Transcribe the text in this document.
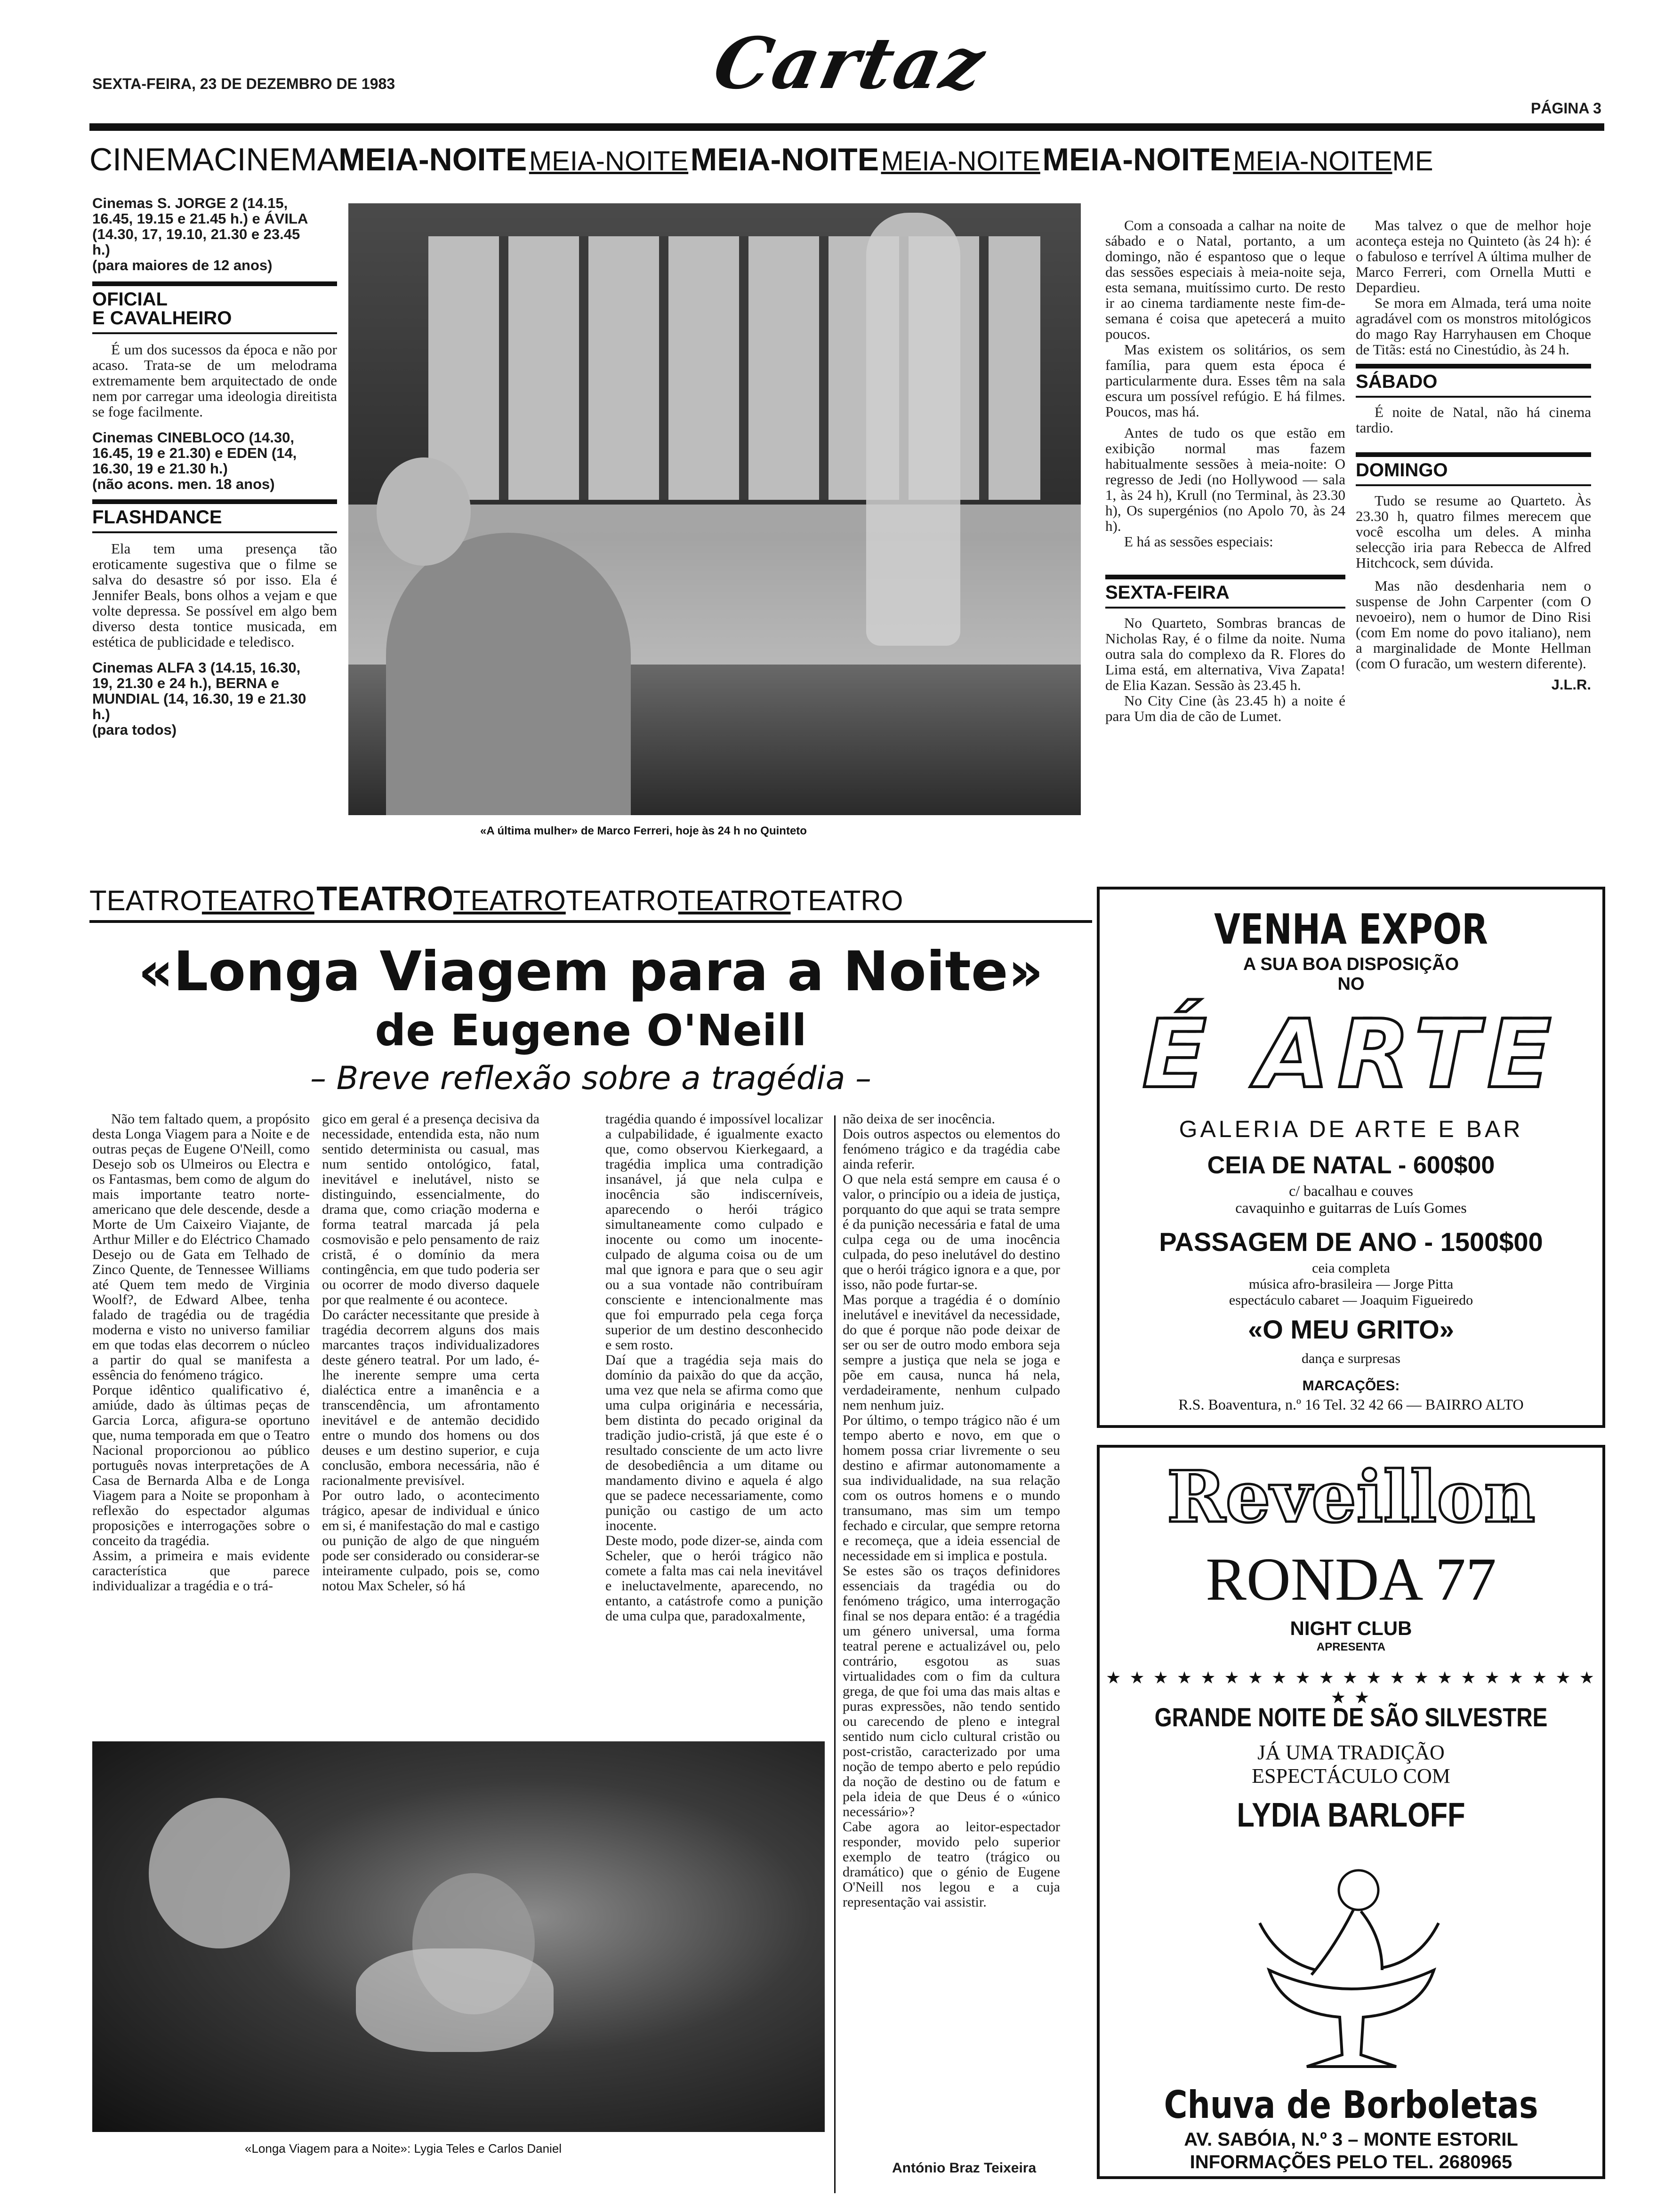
SEXTA-FEIRA, 23 DE DEZEMBRO DE 1983	Cartaz
PÁGINA 3
CINEMACINEMAMEIA-NOITE MEIA-NOITE MEIA-NOITE MEIA-NOITE MEIA-NOITE MEIA-NOITEME
Cinemas S. JORGE 2 (14.15,
16.45, 19.15 e 21.45 h.) e ÁVILA
(14.30, 17, 19.10, 21.30 e 23.45
h.)
(para maiores de 12 anos)
OFICIAL
E CAVALHEIRO
É um dos sucessos da época e não por acaso. Trata-se de um melodrama extremamente bem arquitectado de onde nem por carregar uma ideologia direitista se foge facilmente.
Cinemas CINEBLOCO (14.30,
16.45, 19 e 21.30) e EDEN (14,
16.30, 19 e 21.30 h.)
(não acons. men. 18 anos)
FLASHDANCE
Ela tem uma presença tão eroticamente sugestiva que o filme se salva do desastre só por isso. Ela é Jennifer Beals, bons olhos a vejam e que volte depressa. Se possível em algo bem diverso desta tontice musicada, em estética de publicidade e telediscо.
Cinemas ALFA 3 (14.15, 16.30,
19, 21.30 e 24 h.), BERNA e
MUNDIAL (14, 16.30, 19 e 21.30
h.)
(para todos)
«A última mulher» de Marco Ferreri, hoje às 24 h no Quinteto
Com a consoada a calhar na noite de sábado e o Natal, portanto, a um domingo, não é espantoso que o leque das sessões especiais à meia-noite seja, esta semana, muitíssimo curto. De resto ir ao cinema tardiamente neste fim-de-semana é coisa que apetecerá a muito poucos.
Mas existem os solitários, os sem família, para quem esta época é particularmente dura. Esses têm na sala escura um possível refúgio. E há filmes. Poucos, mas há.
Antes de tudo os que estão em exibição normal mas fazem habitualmente sessões à meia-noite: O regresso de Jedi (no Hollywood — sala 1, às 24 h), Krull (no Terminal, às 23.30 h), Os supergénios (no Apolo 70, às 24 h).
E há as sessões especiais:
SEXTA-FEIRA
No Quarteto, Sombras brancas de Nicholas Ray, é o filme da noite. Numa outra sala do complexo da R. Flores do Lima está, em alternativa, Viva Zapata! de Elia Kazan. Sessão às 23.45 h.
No City Cine (às 23.45 h) a noite é para Um dia de cão de Lumet.
Mas talvez o que de melhor hoje aconteça esteja no Quinteto (às 24 h): é o fabuloso e terrível A última mulher de Marco Ferreri, com Ornella Mutti e Depardieu.
Se mora em Almada, terá uma noite agradável com os monstros mitológicos do mago Ray Harryhausen em Choque de Titãs: está no Cinestúdio, às 24 h.
SÁBADO
É noite de Natal, não há cinema tardio.
DOMINGO
Tudo se resume ao Quarteto. Às 23.30 h, quatro filmes merecem que você escolha um deles. A minha selecção iria para Rebecca de Alfred Hitchcock, sem dúvida.
Mas não desdenharia nem o suspense de John Carpenter (com O nevoeiro), nem o humor de Dino Risi (com Em nome do povo italiano), nem a marginalidade de Monte Hellman (com O furacão, um western diferente).
J.L.R.
TEATROTEATRO TEATROTEATROTEATROTEATROTEATRO
«Longa Viagem para a Noite»
de Eugene O'Neill
– Breve reflexão sobre a tragédia –
Não tem faltado quem, a propósito desta Longa Viagem para a Noite e de outras peças de Eugene O'Neill, como Desejo sob os Ulmeiros ou Electra e os Fantasmas, bem como de algum do mais importante teatro norte-americano que dele descende, desde a Morte de Um Caixeiro Viajante, de Arthur Miller e do Eléctrico Chamado Desejo ou de Gata em Telhado de Zinco Quente, de Tennessee Williams até Quem tem medo de Virginia Woolf?, de Edward Albee, tenha falado de tragédia ou de tragédia moderna e visto no universo familiar em que todas elas decorrem o núcleo a partir do qual se manifesta a essência do fenómeno trágico.
Porque idêntico qualificativo é, amiúde, dado às últimas peças de Garcia Lorca, afigura-se oportuno que, numa temporada em que o Teatro Nacional proporcionou ao público português novas interpretações de A Casa de Bernarda Alba e de Longa Viagem para a Noite se proponham à reflexão do espectador algumas proposições e interrogações sobre o conceito da tragédia.
Assim, a primeira e mais evidente característica que parece individualizar a tragédia e o trá-
gico em geral é a presença decisiva da necessidade, entendida esta, não num sentido determinista ou casual, mas num sentido ontológico, fatal, inevitável e inelutável, nisto se distinguindo, essencialmente, do drama que, como criação moderna e forma teatral marcada já pela cosmovisão e pelo pensamento de raiz cristã, é o domínio da mera contingência, em que tudo poderia ser ou ocorrer de modo diverso daquele por que realmente é ou acontece.
Do carácter necessitante que preside à tragédia decorrem alguns dos mais marcantes traços individualizadores deste género teatral. Por um lado, é-lhe inerente sempre uma certa dialéctica entre a imanência e a transcendência, um afrontamento inevitável e de antemão decidido entre o mundo dos homens ou dos deuses e um destino superior, e cuja conclusão, embora necessária, não é racionalmente previsível.
Por outro lado, o acontecimento trágico, apesar de individual e único em si, é manifestação do mal e castigo ou punição de algo de que ninguém pode ser considerado ou considerar-se inteiramente culpado, pois se, como notou Max Scheler, só há
tragédia quando é impossível localizar a culpabilidade, é igualmente exacto que, como observou Kierkegaard, a tragédia implica uma contradição insanável, já que nela culpa e inocência são indiscerníveis, aparecendo o herói trágico simultaneamente como culpado e inocente ou como um inocente-culpado de alguma coisa ou de um mal que ignora e para que o seu agir ou a sua vontade não contribuíram consciente e intencionalmente mas que foi empurrado pela cega força superior de um destino desconhecido e sem rosto.
Daí que a tragédia seja mais do domínio da paixão do que da acção, uma vez que nela se afirma como que uma culpa originária e necessária, bem distinta do pecado original da tradição judio-cristã, já que este é o resultado consciente de um acto livre de desobediência a um ditame ou mandamento divino e aquela é algo que se padece necessariamente, como punição ou castigo de um acto inocente.
Deste modo, pode dizer-se, ainda com Scheler, que o herói trágico não comete a falta mas cai nela inevitável e ineluctavelmente, aparecendo, no entanto, a catástrofe como a punição de uma culpa que, paradoxalmente,
não deixa de ser inocência.
Dois outros aspectos ou elementos do fenómeno trágico e da tragédia cabe ainda referir.
O que nela está sempre em causa é o valor, o princípio ou a ideia de justiça, porquanto do que aqui se trata sempre é da punição necessária e fatal de uma culpa cega ou de uma inocência culpada, do peso inelutável do destino que o herói trágico ignora e a que, por isso, não pode furtar-se.
Mas porque a tragédia é o domínio inelutável e inevitável da necessidade, do que é porque não pode deixar de ser ou ser de outro modo embora seja sempre a justiça que nela se joga e põe em causa, nunca há nela, verdadeiramente, nenhum culpado nem nenhum juiz.
Por último, o tempo trágico não é um tempo aberto e novo, em que o homem possa criar livremente o seu destino e afirmar autonomamente a sua individualidade, na sua relação com os outros homens e o mundo transumano, mas sim um tempo fechado e circular, que sempre retorna e recomeça, que a ideia essencial de necessidade em si implica e postula.
Se estes são os traços definidores essenciais da tragédia ou do fenómeno trágico, uma interrogação final se nos depara então: é a tragédia um género universal, uma forma teatral perene e actualizável ou, pelo contrário, esgotou as suas virtualidades com o fim da cultura grega, de que foi uma das mais altas e puras expressões, não tendo sentido ou carecendo de pleno e integral sentido num ciclo cultural cristão ou post-cristão, caracterizado por uma noção de tempo aberto e pelo repúdio da noção de destino ou de fatum e pela ideia de que Deus é o «único necessário»?
Cabe agora ao leitor-espectador responder, movido pelo superior exemplo de teatro (trágico ou dramático) que o génio de Eugene O'Neill nos legou e a cuja representação vai assistir.
António Braz Teixeira
«Longa Viagem para a Noite»: Lygia Teles e Carlos Daniel
VENHA EXPOR
A SUA BOA DISPOSIÇÃO
NO
É ARTE
GALERIA DE ARTE E BAR
CEIA DE NATAL - 600$00
c/ bacalhau e couves
cavaquinho e guitarras de Luís Gomes
PASSAGEM DE ANO - 1500$00
ceia completa
música afro-brasileira — Jorge Pitta
espectáculo cabaret — Joaquim Figueiredo
«O MEU GRITO»
dança e surpresas
MARCAÇÕES:
R.S. Boaventura, n.º 16 Tel. 32 42 66 — BAIRRO ALTO
Reveillon
RONDA 77
NIGHT CLUB
APRESENTA
★ ★ ★ ★ ★ ★ ★ ★ ★ ★ ★ ★ ★ ★ ★ ★ ★ ★ ★ ★ ★ ★ ★
GRANDE NOITE DE SÃO SILVESTRE
JÁ UMA TRADIÇÃO
ESPECTÁCULO COM
LYDIA BARLOFF
Chuva de Borboletas
AV. SABÓIA, N.º 3 – MONTE ESTORIL
INFORMAÇÕES PELO TEL. 2680965
